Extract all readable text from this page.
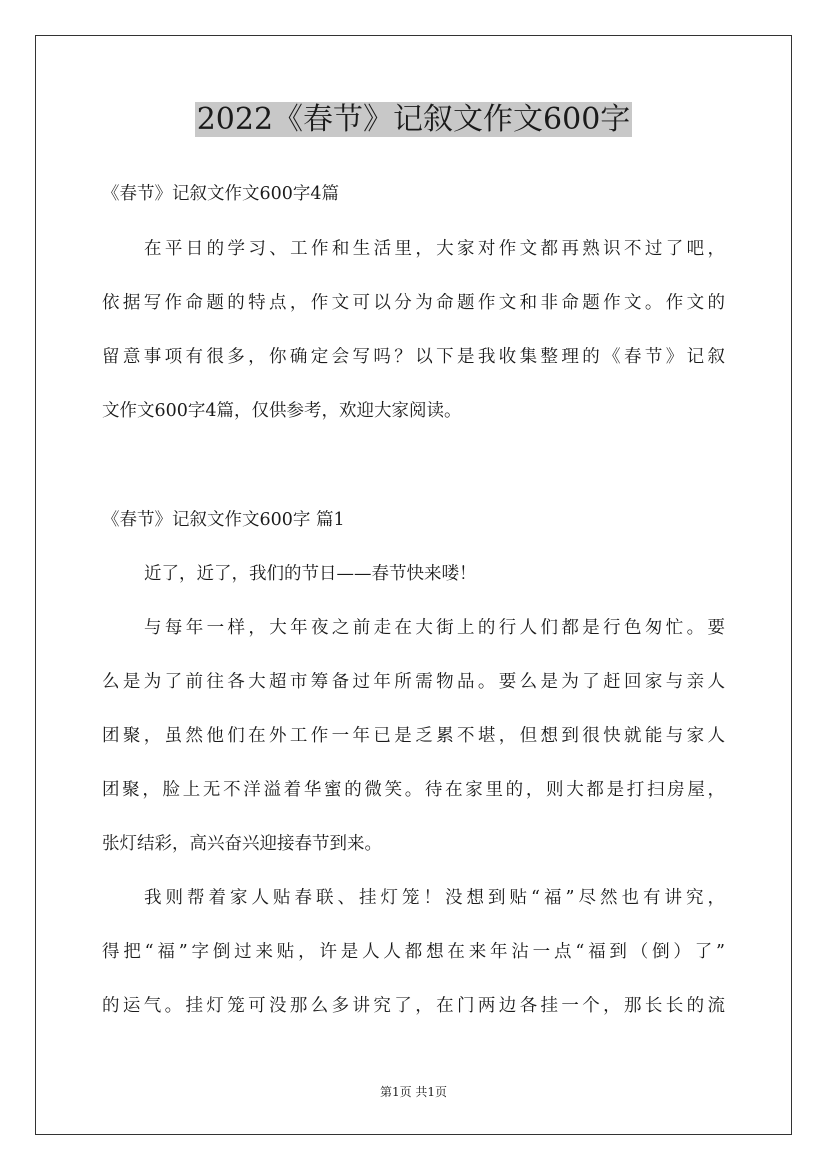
2022《春节》记叙文作文600字
《春节》记叙文作文600字4篇
在平日的学习、工作和生活里，大家对作文都再熟识不过了吧，
依据写作命题的特点，作文可以分为命题作文和非命题作文。作文的
留意事项有很多，你确定会写吗？以下是我收集整理的《春节》记叙
文作文600字4篇，仅供参考，欢迎大家阅读。
《春节》记叙文作文600字 篇1
近了，近了，我们的节日——春节快来喽！
与每年一样，大年夜之前走在大街上的行人们都是行色匆忙。要
么是为了前往各大超市筹备过年所需物品。要么是为了赶回家与亲人
团聚，虽然他们在外工作一年已是乏累不堪，但想到很快就能与家人
团聚，脸上无不洋溢着华蜜的微笑。待在家里的，则大都是打扫房屋，
张灯结彩，高兴奋兴迎接春节到来。
我则帮着家人贴春联、挂灯笼！没想到贴“福”尽然也有讲究，
得把“福”字倒过来贴，许是人人都想在来年沾一点“福到（倒）了”
的运气。挂灯笼可没那么多讲究了，在门两边各挂一个，那长长的流
第1页 共1页
